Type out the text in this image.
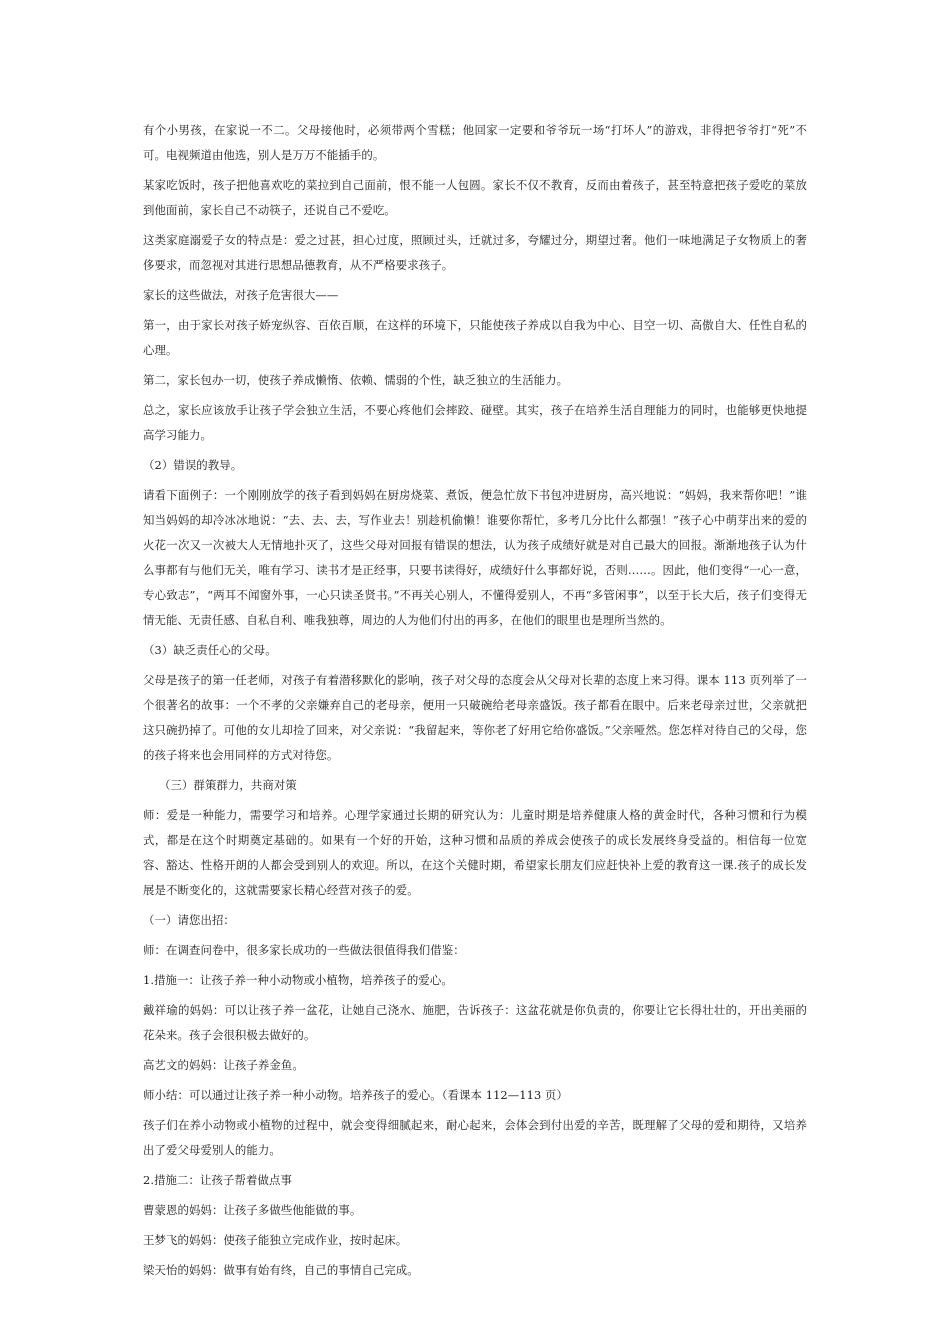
有个小男孩，在家说一不二。父母接他时，必须带两个雪糕；他回家一定要和爷爷玩一场“打坏人”的游戏，非得把爷爷打“死”不可。电视频道由他选，别人是万万不能插手的。

某家吃饭时，孩子把他喜欢吃的菜拉到自己面前，恨不能一人包圆。家长不仅不教育，反而由着孩子，甚至特意把孩子爱吃的菜放到他面前，家长自己不动筷子，还说自己不爱吃。

这类家庭溺爱子女的特点是：爱之过甚，担心过度，照顾过头，迁就过多，夸耀过分，期望过奢。他们一味地满足子女物质上的奢侈要求，而忽视对其进行思想品德教育，从不严格要求孩子。

家长的这些做法，对孩子危害很大——

第一，由于家长对孩子娇宠纵容、百依百顺，在这样的环境下，只能使孩子养成以自我为中心、目空一切、高傲自大、任性自私的心理。

第二，家长包办一切，使孩子养成懒惰、依赖、懦弱的个性，缺乏独立的生活能力。

总之，家长应该放手让孩子学会独立生活，不要心疼他们会摔跤、碰壁。其实，孩子在培养生活自理能力的同时，也能够更快地提高学习能力。

（2）错误的教导。

请看下面例子：一个刚刚放学的孩子看到妈妈在厨房烧菜、煮饭，便急忙放下书包冲进厨房，高兴地说：“妈妈，我来帮你吧！”谁知当妈妈的却冷冰冰地说：“去、去、去，写作业去！别趁机偷懒！谁要你帮忙，多考几分比什么都强！”孩子心中萌芽出来的爱的火花一次又一次被大人无情地扑灭了，这些父母对回报有错误的想法，认为孩子成绩好就是对自己最大的回报。渐渐地孩子认为什么事都有与他们无关，唯有学习、读书才是正经事，只要书读得好，成绩好什么事都好说，否则……。因此，他们变得“一心一意，专心致志”，“两耳不闻窗外事，一心只读圣贤书。”不再关心别人，不懂得爱别人，不再“多管闲事”，以至于长大后，孩子们变得无情无能、无责任感、自私自利、唯我独尊，周边的人为他们付出的再多，在他们的眼里也是理所当然的。

（3）缺乏责任心的父母。

父母是孩子的第一任老师，对孩子有着潜移默化的影响，孩子对父母的态度会从父母对长辈的态度上来习得。课本 113 页列举了一个很著名的故事：一个不孝的父亲嫌弃自己的老母亲，便用一只破碗给老母亲盛饭。孩子都看在眼中。后来老母亲过世，父亲就把这只碗扔掉了。可他的女儿却捡了回来，对父亲说：“我留起来，等你老了好用它给你盛饭。”父亲哑然。您怎样对待自己的父母，您的孩子将来也会用同样的方式对待您。

（三）群策群力，共商对策

师：爱是一种能力，需要学习和培养。心理学家通过长期的研究认为：儿童时期是培养健康人格的黄金时代，各种习惯和行为模式，都是在这个时期奠定基础的。如果有一个好的开始，这种习惯和品质的养成会使孩子的成长发展终身受益的。相信每一位宽容、豁达、性格开朗的人都会受到别人的欢迎。所以，在这个关健时期，希望家长朋友们应赶快补上爱的教育这一课.孩子的成长发展是不断变化的，这就需要家长精心经营对孩子的爱。

（一）请您出招：

师：在调查问卷中，很多家长成功的一些做法很值得我们借鉴：

1.措施一：让孩子养一种小动物或小植物，培养孩子的爱心。

戴祥瑜的妈妈：可以让孩子养一盆花，让她自己浇水、施肥，告诉孩子：这盆花就是你负责的，你要让它长得壮壮的，开出美丽的花朵来。孩子会很积极去做好的。

高艺文的妈妈：让孩子养金鱼。

师小结：可以通过让孩子养一种小动物。培养孩子的爱心。（看课本 112—113 页）

孩子们在养小动物或小植物的过程中，就会变得细腻起来，耐心起来，会体会到付出爱的辛苦，既理解了父母的爱和期待，又培养出了爱父母爱别人的能力。

2.措施二：让孩子帮着做点事

曹蒙恩的妈妈：让孩子多做些他能做的事。

王梦飞的妈妈：使孩子能独立完成作业，按时起床。

梁天怡的妈妈：做事有始有终，自己的事情自己完成。
